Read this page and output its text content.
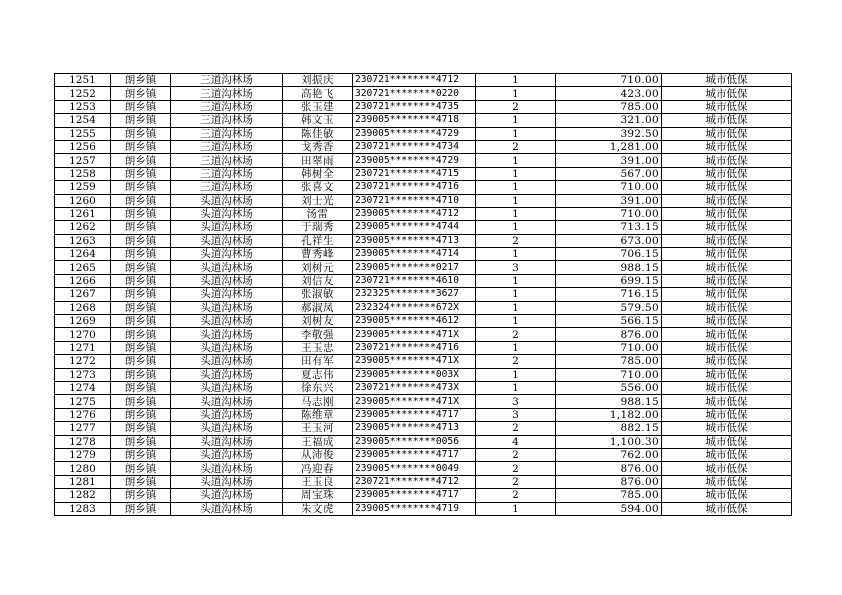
1251	朗乡镇	三道沟林场	刘振庆	230721********4712	1	710.00	城市低保
1252	朗乡镇	三道沟林场	高艳飞	320721********0220	1	423.00	城市低保
1253	朗乡镇	三道沟林场	张玉建	230721********4735	2	785.00	城市低保
1254	朗乡镇	三道沟林场	韩文玉	239005********4718	1	321.00	城市低保
1255	朗乡镇	三道沟林场	陈佳敏	239005********4729	1	392.50	城市低保
1256	朗乡镇	三道沟林场	戈秀香	230721********4734	2	1,281.00	城市低保
1257	朗乡镇	三道沟林场	田翠雨	239005********4729	1	391.00	城市低保
1258	朗乡镇	三道沟林场	韩树全	230721********4715	1	567.00	城市低保
1259	朗乡镇	三道沟林场	张喜文	230721********4716	1	710.00	城市低保
1260	朗乡镇	头道沟林场	刘士光	230721********4710	1	391.00	城市低保
1261	朗乡镇	头道沟林场	汤雷	239005********4712	1	710.00	城市低保
1262	朗乡镇	头道沟林场	于瑞秀	239005********4744	1	713.15	城市低保
1263	朗乡镇	头道沟林场	孔祥生	239005********4713	2	673.00	城市低保
1264	朗乡镇	头道沟林场	曹秀峰	239005********4714	1	706.15	城市低保
1265	朗乡镇	头道沟林场	刘树元	239005********0217	3	988.15	城市低保
1266	朗乡镇	头道沟林场	刘信友	230721********4610	1	699.15	城市低保
1267	朗乡镇	头道沟林场	张淑敏	232325********3627	1	716.15	城市低保
1268	朗乡镇	头道沟林场	郝淑凤	232324********672X	1	579.50	城市低保
1269	朗乡镇	头道沟林场	刘树友	239005********4612	1	566.15	城市低保
1270	朗乡镇	头道沟林场	李敬强	239005********471X	2	876.00	城市低保
1271	朗乡镇	头道沟林场	王玉忠	230721********4716	1	710.00	城市低保
1272	朗乡镇	头道沟林场	田有军	239005********471X	2	785.00	城市低保
1273	朗乡镇	头道沟林场	夏志伟	239005********003X	1	710.00	城市低保
1274	朗乡镇	头道沟林场	徐东兴	230721********473X	1	556.00	城市低保
1275	朗乡镇	头道沟林场	马志刚	239005********471X	3	988.15	城市低保
1276	朗乡镇	头道沟林场	陈维章	239005********4717	3	1,182.00	城市低保
1277	朗乡镇	头道沟林场	王玉河	239005********4713	2	882.15	城市低保
1278	朗乡镇	头道沟林场	王福成	239005********0056	4	1,100.30	城市低保
1279	朗乡镇	头道沟林场	从沛俊	239005********4717	2	762.00	城市低保
1280	朗乡镇	头道沟林场	冯迎春	239005********0049	2	876.00	城市低保
1281	朗乡镇	头道沟林场	王玉良	230721********4712	2	876.00	城市低保
1282	朗乡镇	头道沟林场	周宝珠	239005********4717	2	785.00	城市低保
1283	朗乡镇	头道沟林场	朱文虎	239005********4719	1	594.00	城市低保
